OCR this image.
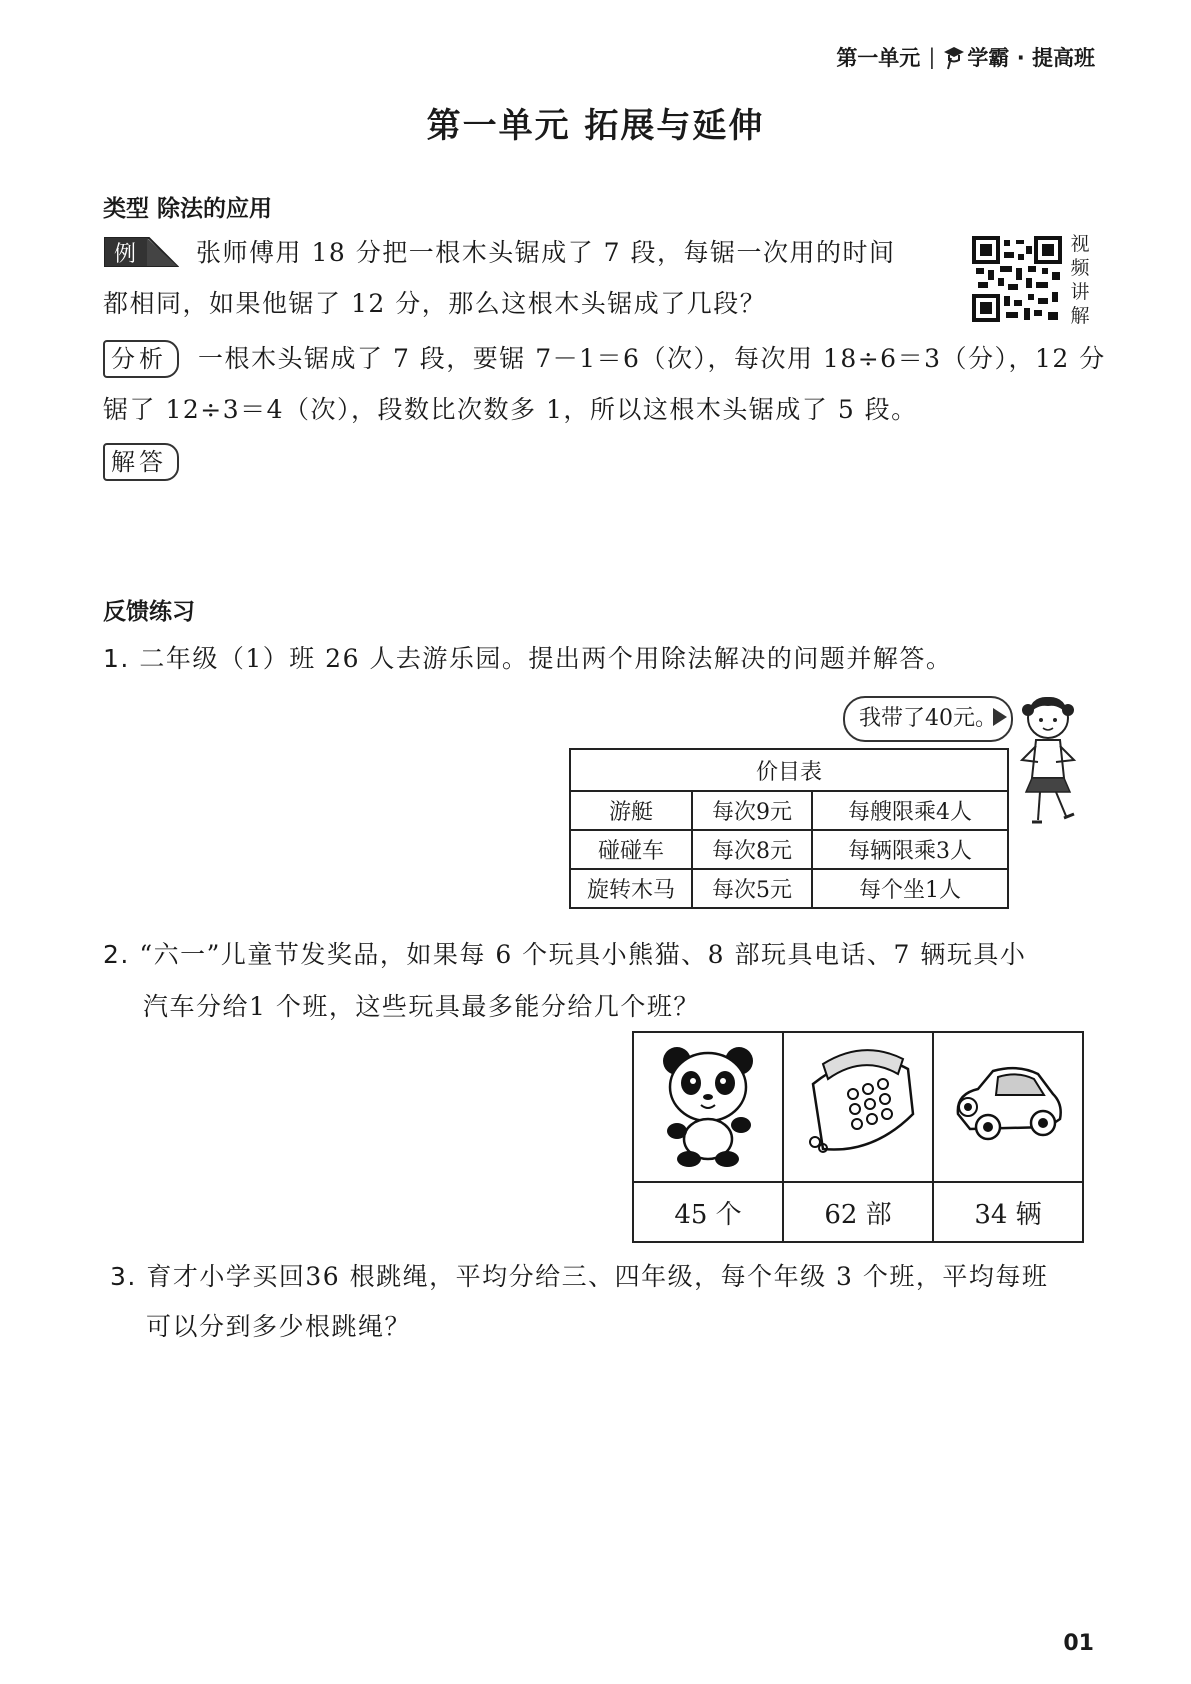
第一单元 | 学霸 · 提高班
第一单元 拓展与延伸
类型 除法的应用
例 张师傅用 18 分把一根木头锯成了 7 段，每锯一次用的时间
都相同，如果他锯了 12 分，那么这根木头锯成了几段？
视
频
讲
解
分析	一根木头锯成了 7 段，要锯 7－1＝6（次），每次用 18÷6＝3（分），12 分
锯了 12÷3＝4（次），段数比次数多 1，所以这根木头锯成了 5 段。
解答
反馈练习
1. 二年级（1）班 26 人去游乐园。提出两个用除法解决的问题并解答。
我带了40元。
价目表		
游艇	每次9元	每艘限乘4人
碰碰车	每次8元	每辆限乘3人
旋转木马	每次5元	每个坐1人
2. “六一”儿童节发奖品，如果每 6 个玩具小熊猫、8 部玩具电话、7 辆玩具小
汽车分给1 个班，这些玩具最多能分给几个班？

45 个	62 部	34 辆
3. 育才小学买回36 根跳绳，平均分给三、四年级，每个年级 3 个班，平均每班
可以分到多少根跳绳？
01
